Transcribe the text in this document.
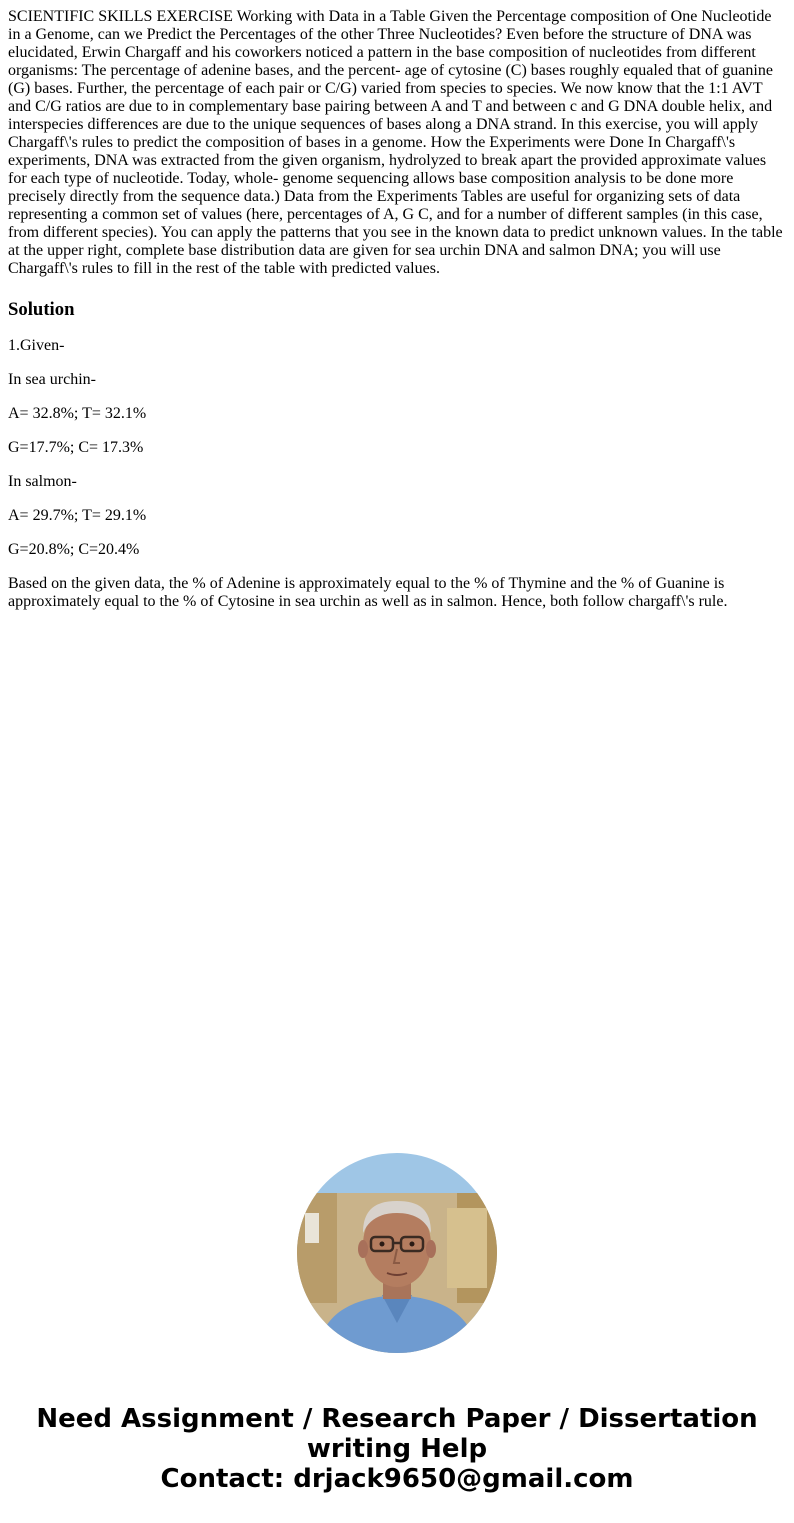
SCIENTIFIC SKILLS EXERCISE Working with Data in a Table Given the Percentage composition of One Nucleotide in a Genome, can we Predict the Percentages of the other Three Nucleotides? Even before the structure of DNA was elucidated, Erwin Chargaff and his coworkers noticed a pattern in the base composition of nucleotides from different organisms: The percentage of adenine bases, and the percent- age of cytosine (C) bases roughly equaled that of guanine (G) bases. Further, the percentage of each pair or C/G) varied from species to species. We now know that the 1:1 AVT and C/G ratios are due to in complementary base pairing between A and T and between c and G DNA double helix, and interspecies differences are due to the unique sequences of bases along a DNA strand. In this exercise, you will apply Chargaff\'s rules to predict the composition of bases in a genome. How the Experiments were Done In Chargaff\'s experiments, DNA was extracted from the given organism, hydrolyzed to break apart the provided approximate values for each type of nucleotide. Today, whole- genome sequencing allows base composition analysis to be done more precisely directly from the sequence data.) Data from the Experiments Tables are useful for organizing sets of data representing a common set of values (here, percentages of A, G C, and for a number of different samples (in this case, from different species). You can apply the patterns that you see in the known data to predict unknown values. In the table at the upper right, complete base distribution data are given for sea urchin DNA and salmon DNA; you will use Chargaff\'s rules to fill in the rest of the table with predicted values.

Solution

1.Given-

In sea urchin-

A= 32.8%; T= 32.1%

G=17.7%; C= 17.3%

In salmon-

A= 29.7%; T= 29.1%

G=20.8%; C=20.4%

Based on the given data, the % of Adenine is approximately equal to the % of Thymine and the % of Guanine is approximately equal to the % of Cytosine in sea urchin as well as in salmon. Hence, both follow chargaff\'s rule.

Need Assignment / Research Paper / Dissertation
writing Help
Contact: drjack9650@gmail.com
